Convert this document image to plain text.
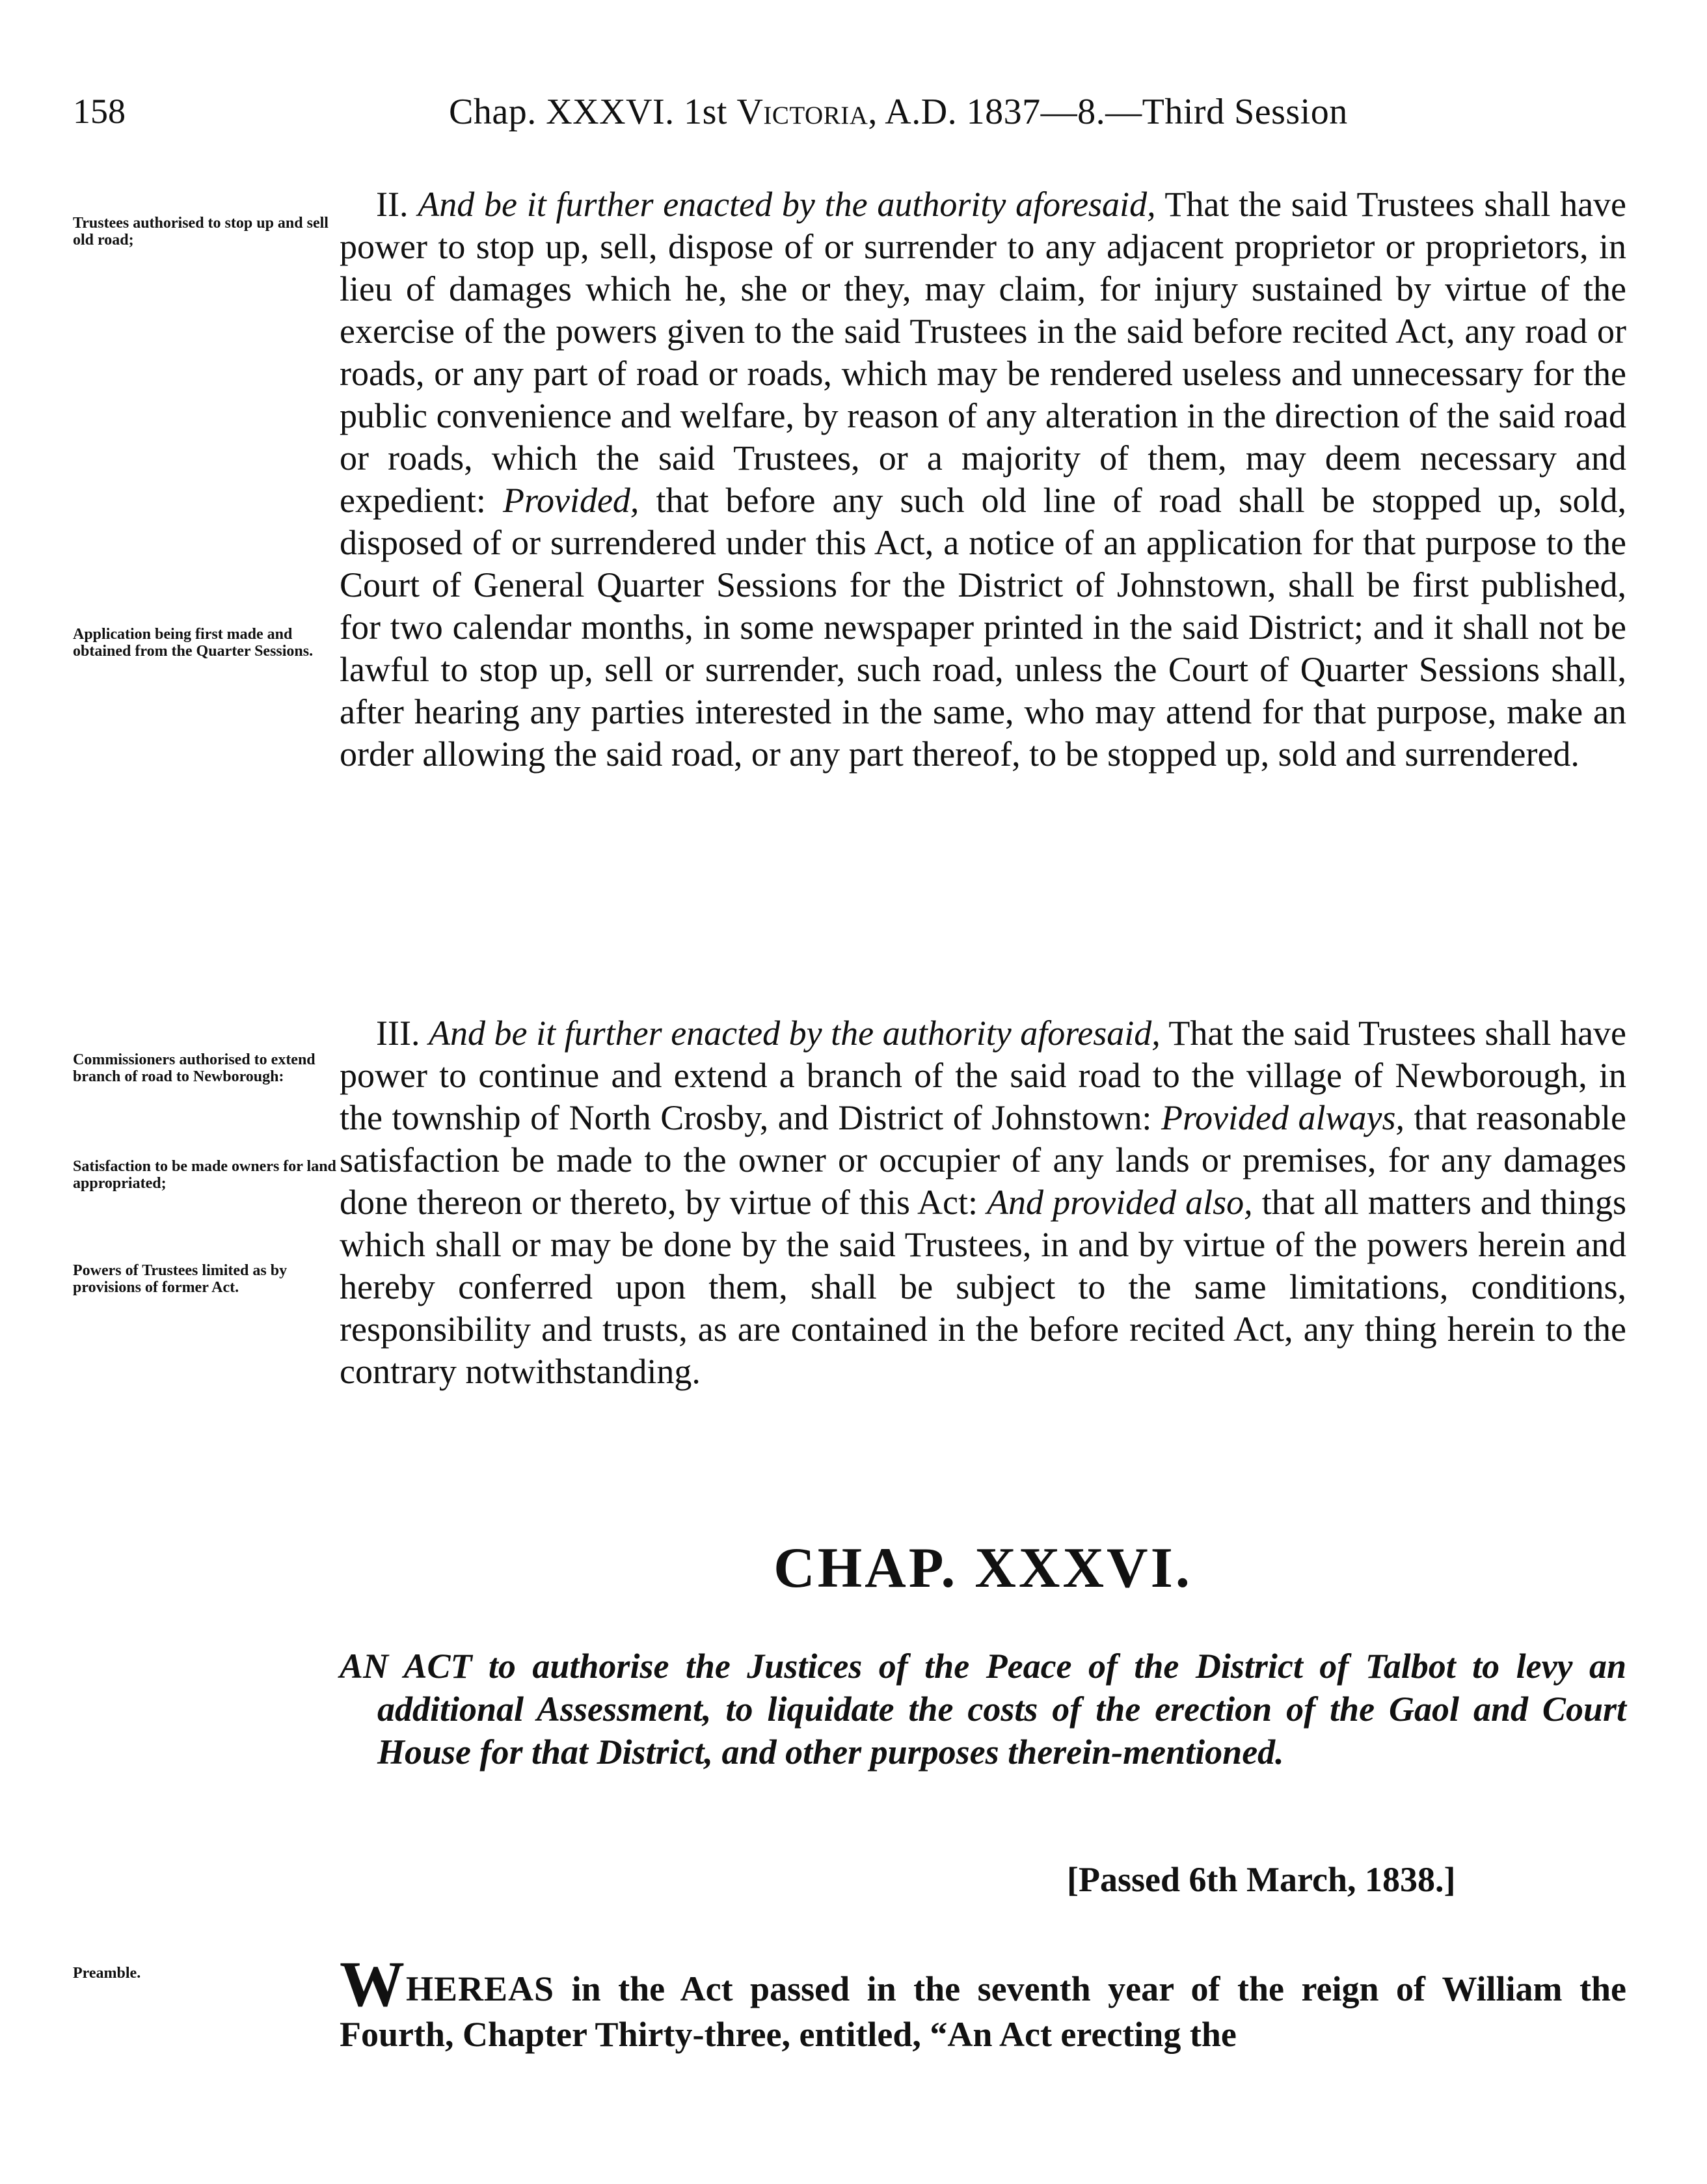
158	Chap. XXXVI. 1st Victoria, A.D. 1837—8.—Third Session
Trustees authorised to stop up and sell old road;
Application being first made and obtained from the Quarter Sessions.
Commissioners authorised to extend branch of road to Newborough:
Satisfaction to be made owners for land appropriated;
Powers of Trustees limited as by provisions of former Act.
Preamble.

II. And be it further enacted by the authority aforesaid, That the said Trustees shall have power to stop up, sell, dispose of or surrender to any adjacent proprietor or proprietors, in lieu of damages which he, she or they, may claim, for injury sustained by virtue of the exercise of the powers given to the said Trustees in the said before recited Act, any road or roads, or any part of road or roads, which may be rendered useless and unnecessary for the public convenience and welfare, by reason of any alteration in the direction of the said road or roads, which the said Trustees, or a majority of them, may deem necessary and expedient: Provided, that before any such old line of road shall be stopped up, sold, disposed of or surrendered under this Act, a notice of an application for that purpose to the Court of General Quarter Sessions for the District of Johnstown, shall be first published, for two calendar months, in some newspaper printed in the said District; and it shall not be lawful to stop up, sell or surrender, such road, unless the Court of Quarter Sessions shall, after hearing any parties interested in the same, who may attend for that purpose, make an order allowing the said road, or any part thereof, to be stopped up, sold and surrendered.

III. And be it further enacted by the authority aforesaid, That the said Trustees shall have power to continue and extend a branch of the said road to the village of Newborough, in the township of North Crosby, and District of Johnstown: Provided always, that reasonable satisfaction be made to the owner or occupier of any lands or premises, for any damages done thereon or thereto, by virtue of this Act: And provided also, that all matters and things which shall or may be done by the said Trustees, in and by virtue of the powers herein and hereby conferred upon them, shall be subject to the same limitations, conditions, responsibility and trusts, as are contained in the before recited Act, any thing herein to the contrary notwithstanding.

CHAP. XXXVI.
AN ACT to authorise the Justices of the Peace of the District of Talbot to levy an additional Assessment, to liquidate the costs of the erection of the Gaol and Court House for that District, and other purposes therein-mentioned.
[Passed 6th March, 1838.]
WHEREAS in the Act passed in the seventh year of the reign of William the Fourth, Chapter Thirty-three, entitled, “An Act erecting the
